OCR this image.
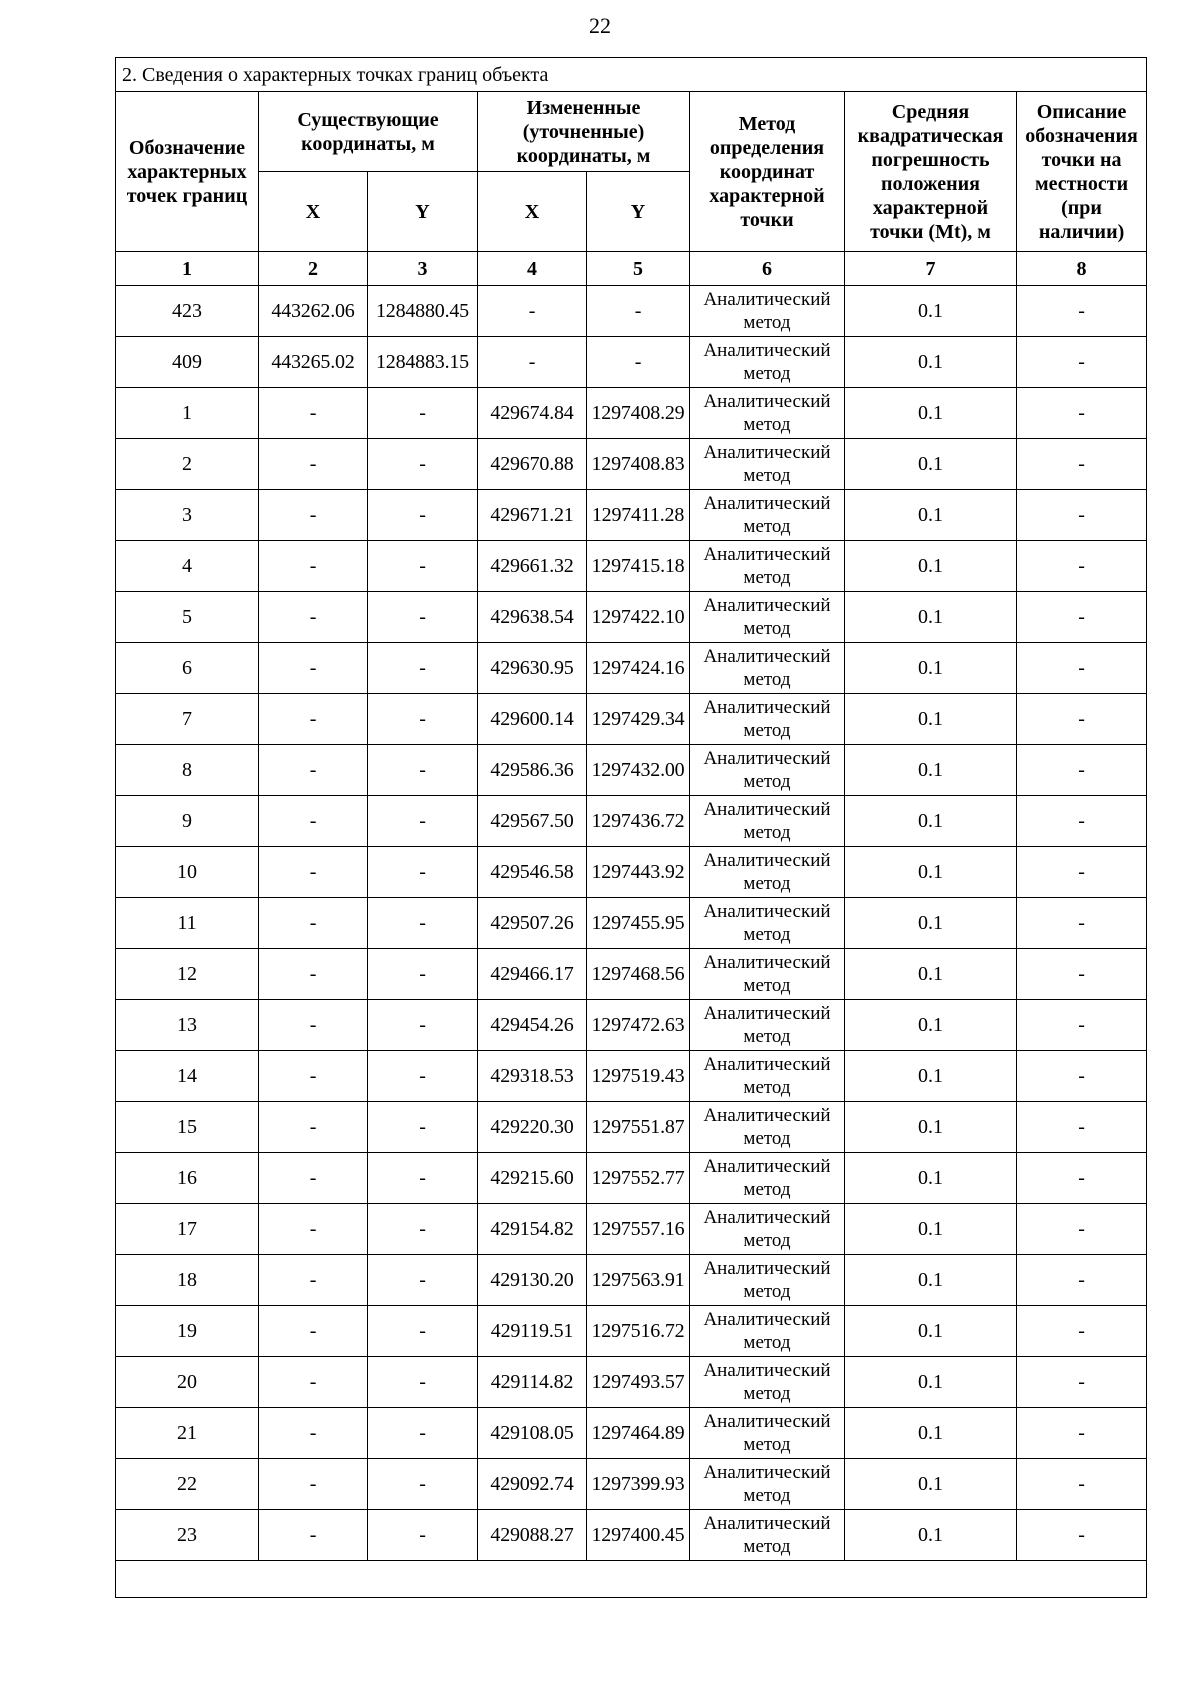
22
2. Сведения о характерных точках границ объекта							
Обозначение характерных точек границ	Существующие координаты, м		Измененные (уточненные) координаты, м		Метод определения координат характерной точки	Средняя квадратическая погрешность положения характерной точки (Mt), м	Описание обозначения точки на местности (при наличии)
	X	Y	X	Y			
1	2	3	4	5	6	7	8
423	443262.06	1284880.45	-	-	Аналитический метод	0.1	-
409	443265.02	1284883.15	-	-	Аналитический метод	0.1	-
1	-	-	429674.84	1297408.29	Аналитический метод	0.1	-
2	-	-	429670.88	1297408.83	Аналитический метод	0.1	-
3	-	-	429671.21	1297411.28	Аналитический метод	0.1	-
4	-	-	429661.32	1297415.18	Аналитический метод	0.1	-
5	-	-	429638.54	1297422.10	Аналитический метод	0.1	-
6	-	-	429630.95	1297424.16	Аналитический метод	0.1	-
7	-	-	429600.14	1297429.34	Аналитический метод	0.1	-
8	-	-	429586.36	1297432.00	Аналитический метод	0.1	-
9	-	-	429567.50	1297436.72	Аналитический метод	0.1	-
10	-	-	429546.58	1297443.92	Аналитический метод	0.1	-
11	-	-	429507.26	1297455.95	Аналитический метод	0.1	-
12	-	-	429466.17	1297468.56	Аналитический метод	0.1	-
13	-	-	429454.26	1297472.63	Аналитический метод	0.1	-
14	-	-	429318.53	1297519.43	Аналитический метод	0.1	-
15	-	-	429220.30	1297551.87	Аналитический метод	0.1	-
16	-	-	429215.60	1297552.77	Аналитический метод	0.1	-
17	-	-	429154.82	1297557.16	Аналитический метод	0.1	-
18	-	-	429130.20	1297563.91	Аналитический метод	0.1	-
19	-	-	429119.51	1297516.72	Аналитический метод	0.1	-
20	-	-	429114.82	1297493.57	Аналитический метод	0.1	-
21	-	-	429108.05	1297464.89	Аналитический метод	0.1	-
22	-	-	429092.74	1297399.93	Аналитический метод	0.1	-
23	-	-	429088.27	1297400.45	Аналитический метод	0.1	-
